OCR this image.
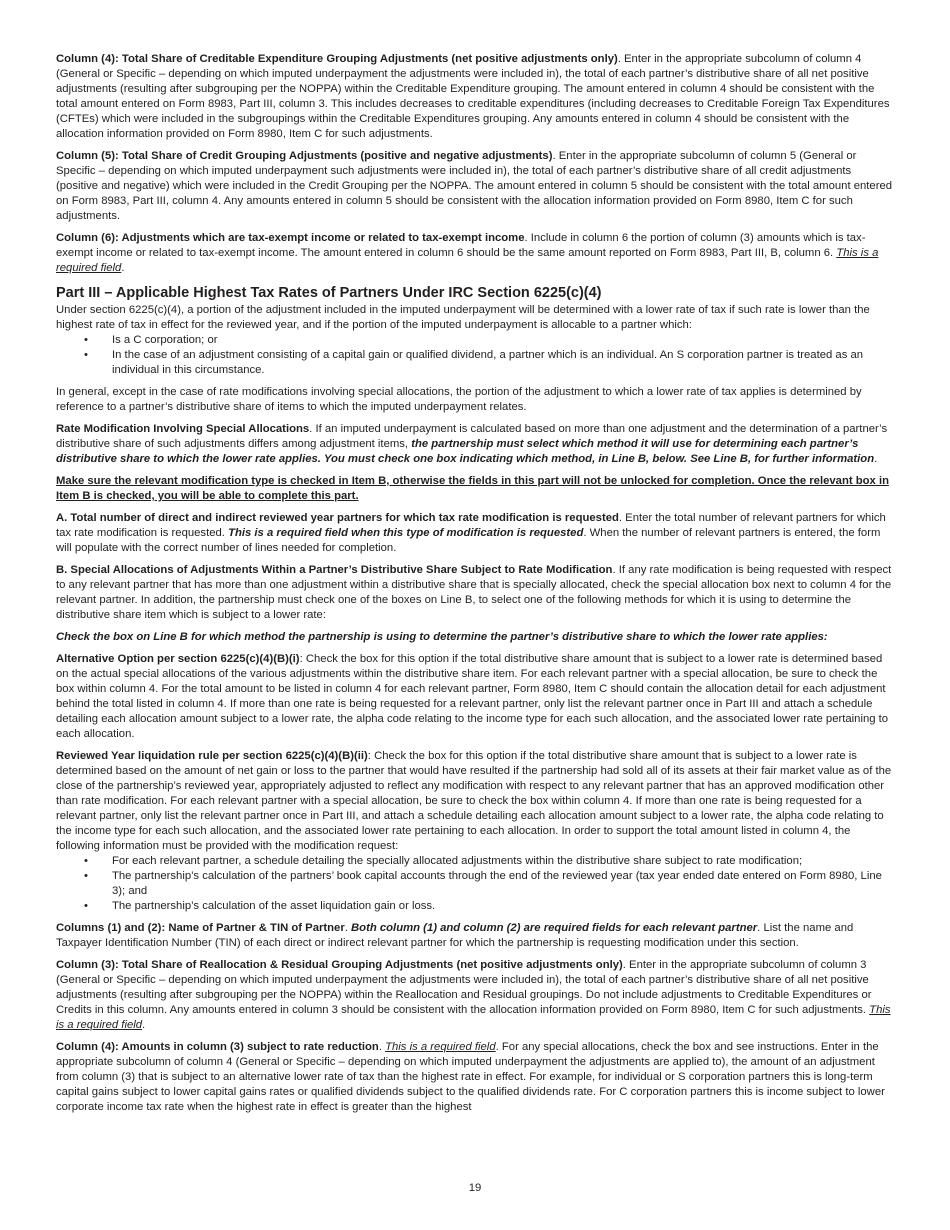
Column (4): Total Share of Creditable Expenditure Grouping Adjustments (net positive adjustments only). Enter in the appropriate subcolumn of column 4 (General or Specific – depending on which imputed underpayment the adjustments were included in), the total of each partner’s distributive share of all net positive adjustments (resulting after subgrouping per the NOPPA) within the Creditable Expenditure grouping. The amount entered in column 4 should be consistent with the total amount entered on Form 8983, Part III, column 3. This includes decreases to creditable expenditures (including decreases to Creditable Foreign Tax Expenditures (CFTEs) which were included in the subgroupings within the Creditable Expenditures grouping. Any amounts entered in column 4 should be consistent with the allocation information provided on Form 8980, Item C for such adjustments.

Column (5): Total Share of Credit Grouping Adjustments (positive and negative adjustments). Enter in the appropriate subcolumn of column 5 (General or Specific – depending on which imputed underpayment such adjustments were included in), the total of each partner’s distributive share of all credit adjustments (positive and negative) which were included in the Credit Grouping per the NOPPA. The amount entered in column 5 should be consistent with the total amount entered on Form 8983, Part III, column 4. Any amounts entered in column 5 should be consistent with the allocation information provided on Form 8980, Item C for such adjustments.

Column (6): Adjustments which are tax-exempt income or related to tax-exempt income. Include in column 6 the portion of column (3) amounts which is tax-exempt income or related to tax-exempt income. The amount entered in column 6 should be the same amount reported on Form 8983, Part III, B, column 6. This is a required field.

Part III – Applicable Highest Tax Rates of Partners Under IRC Section 6225(c)(4)

Under section 6225(c)(4), a portion of the adjustment included in the imputed underpayment will be determined with a lower rate of tax if such rate is lower than the highest rate of tax in effect for the reviewed year, and if the portion of the imputed underpayment is allocable to a partner which:

• Is a C corporation; or
• In the case of an adjustment consisting of a capital gain or qualified dividend, a partner which is an individual. An S corporation partner is treated as an individual in this circumstance.

In general, except in the case of rate modifications involving special allocations, the portion of the adjustment to which a lower rate of tax applies is determined by reference to a partner’s distributive share of items to which the imputed underpayment relates.

Rate Modification Involving Special Allocations. If an imputed underpayment is calculated based on more than one adjustment and the determination of a partner’s distributive share of such adjustments differs among adjustment items, the partnership must select which method it will use for determining each partner’s distributive share to which the lower rate applies. You must check one box indicating which method, in Line B, below. See Line B, for further information.

Make sure the relevant modification type is checked in Item B, otherwise the fields in this part will not be unlocked for completion. Once the relevant box in Item B is checked, you will be able to complete this part.

A. Total number of direct and indirect reviewed year partners for which tax rate modification is requested. Enter the total number of relevant partners for which tax rate modification is requested. This is a required field when this type of modification is requested. When the number of relevant partners is entered, the form will populate with the correct number of lines needed for completion.

B. Special Allocations of Adjustments Within a Partner’s Distributive Share Subject to Rate Modification. If any rate modification is being requested with respect to any relevant partner that has more than one adjustment within a distributive share that is specially allocated, check the special allocation box next to column 4 for the relevant partner. In addition, the partnership must check one of the boxes on Line B, to select one of the following methods for which it is using to determine the distributive share item which is subject to a lower rate:

Check the box on Line B for which method the partnership is using to determine the partner’s distributive share to which the lower rate applies:

Alternative Option per section 6225(c)(4)(B)(i): Check the box for this option if the total distributive share amount that is subject to a lower rate is determined based on the actual special allocations of the various adjustments within the distributive share item. For each relevant partner with a special allocation, be sure to check the box within column 4. For the total amount to be listed in column 4 for each relevant partner, Form 8980, Item C should contain the allocation detail for each adjustment behind the total listed in column 4. If more than one rate is being requested for a relevant partner, only list the relevant partner once in Part III and attach a schedule detailing each allocation amount subject to a lower rate, the alpha code relating to the income type for each such allocation, and the associated lower rate pertaining to each allocation.

Reviewed Year liquidation rule per section 6225(c)(4)(B)(ii): Check the box for this option if the total distributive share amount that is subject to a lower rate is determined based on the amount of net gain or loss to the partner that would have resulted if the partnership had sold all of its assets at their fair market value as of the close of the partnership’s reviewed year, appropriately adjusted to reflect any modification with respect to any relevant partner that has an approved modification other than rate modification. For each relevant partner with a special allocation, be sure to check the box within column 4. If more than one rate is being requested for a relevant partner, only list the relevant partner once in Part III, and attach a schedule detailing each allocation amount subject to a lower rate, the alpha code relating to the income type for each such allocation, and the associated lower rate pertaining to each allocation. In order to support the total amount listed in column 4, the following information must be provided with the modification request:

• For each relevant partner, a schedule detailing the specially allocated adjustments within the distributive share subject to rate modification;
• The partnership’s calculation of the partners’ book capital accounts through the end of the reviewed year (tax year ended date entered on Form 8980, Line 3); and
• The partnership’s calculation of the asset liquidation gain or loss.

Columns (1) and (2): Name of Partner & TIN of Partner. Both column (1) and column (2) are required fields for each relevant partner. List the name and Taxpayer Identification Number (TIN) of each direct or indirect relevant partner for which the partnership is requesting modification under this section.

Column (3): Total Share of Reallocation & Residual Grouping Adjustments (net positive adjustments only). Enter in the appropriate subcolumn of column 3 (General or Specific – depending on which imputed underpayment the adjustments were included in), the total of each partner’s distributive share of all net positive adjustments (resulting after subgrouping per the NOPPA) within the Reallocation and Residual groupings. Do not include adjustments to Creditable Expenditures or Credits in this column. Any amounts entered in column 3 should be consistent with the allocation information provided on Form 8980, Item C for such adjustments. This is a required field.

Column (4): Amounts in column (3) subject to rate reduction. This is a required field. For any special allocations, check the box and see instructions. Enter in the appropriate subcolumn of column 4 (General or Specific – depending on which imputed underpayment the adjustments are applied to), the amount of an adjustment from column (3) that is subject to an alternative lower rate of tax than the highest rate in effect. For example, for individual or S corporation partners this is long-term capital gains subject to lower capital gains rates or qualified dividends subject to the qualified dividends rate. For C corporation partners this is income subject to lower corporate income tax rate when the highest rate in effect is greater than the highest

19
